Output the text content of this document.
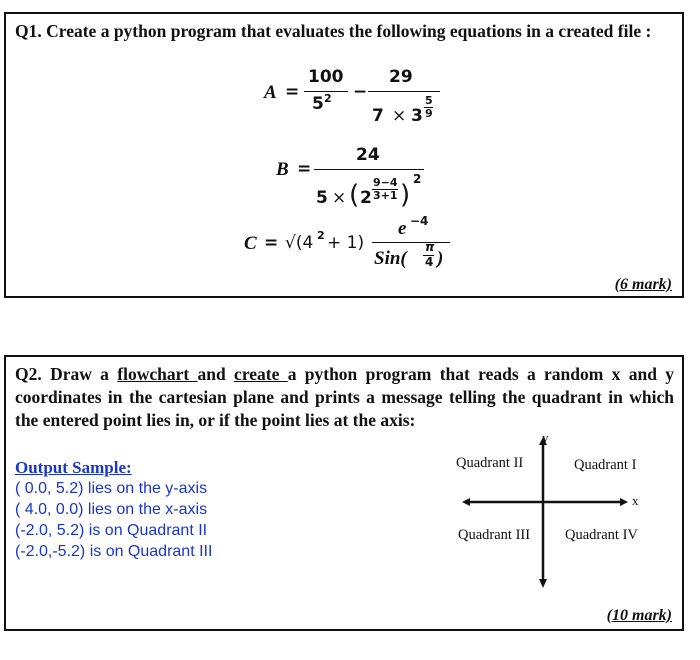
Q1. Create a python program that evaluates the following equations in a created file :
A =
100
5 2 −
29
7 × 3
5
9
B =
24
5 × ( 2
9−4
3+1 )
2
C = √(4 2 + 1)
e −4
Sin(
π
4 )
(6 mark)
Q2. Draw a flowchart and create a python program that reads a random x and y coordinates in the cartesian plane and prints a message telling the quadrant in which the entered point lies in, or if the point lies at the axis:
Output Sample:
( 0.0, 5.2) lies on the y-axis
( 4.0, 0.0) lies on the x-axis
(-2.0, 5.2) is on Quadrant II
(-2.0,-5.2) is on Quadrant III
y
x
Quadrant II	Quadrant I
Quadrant III Quadrant IV
(10 mark)
